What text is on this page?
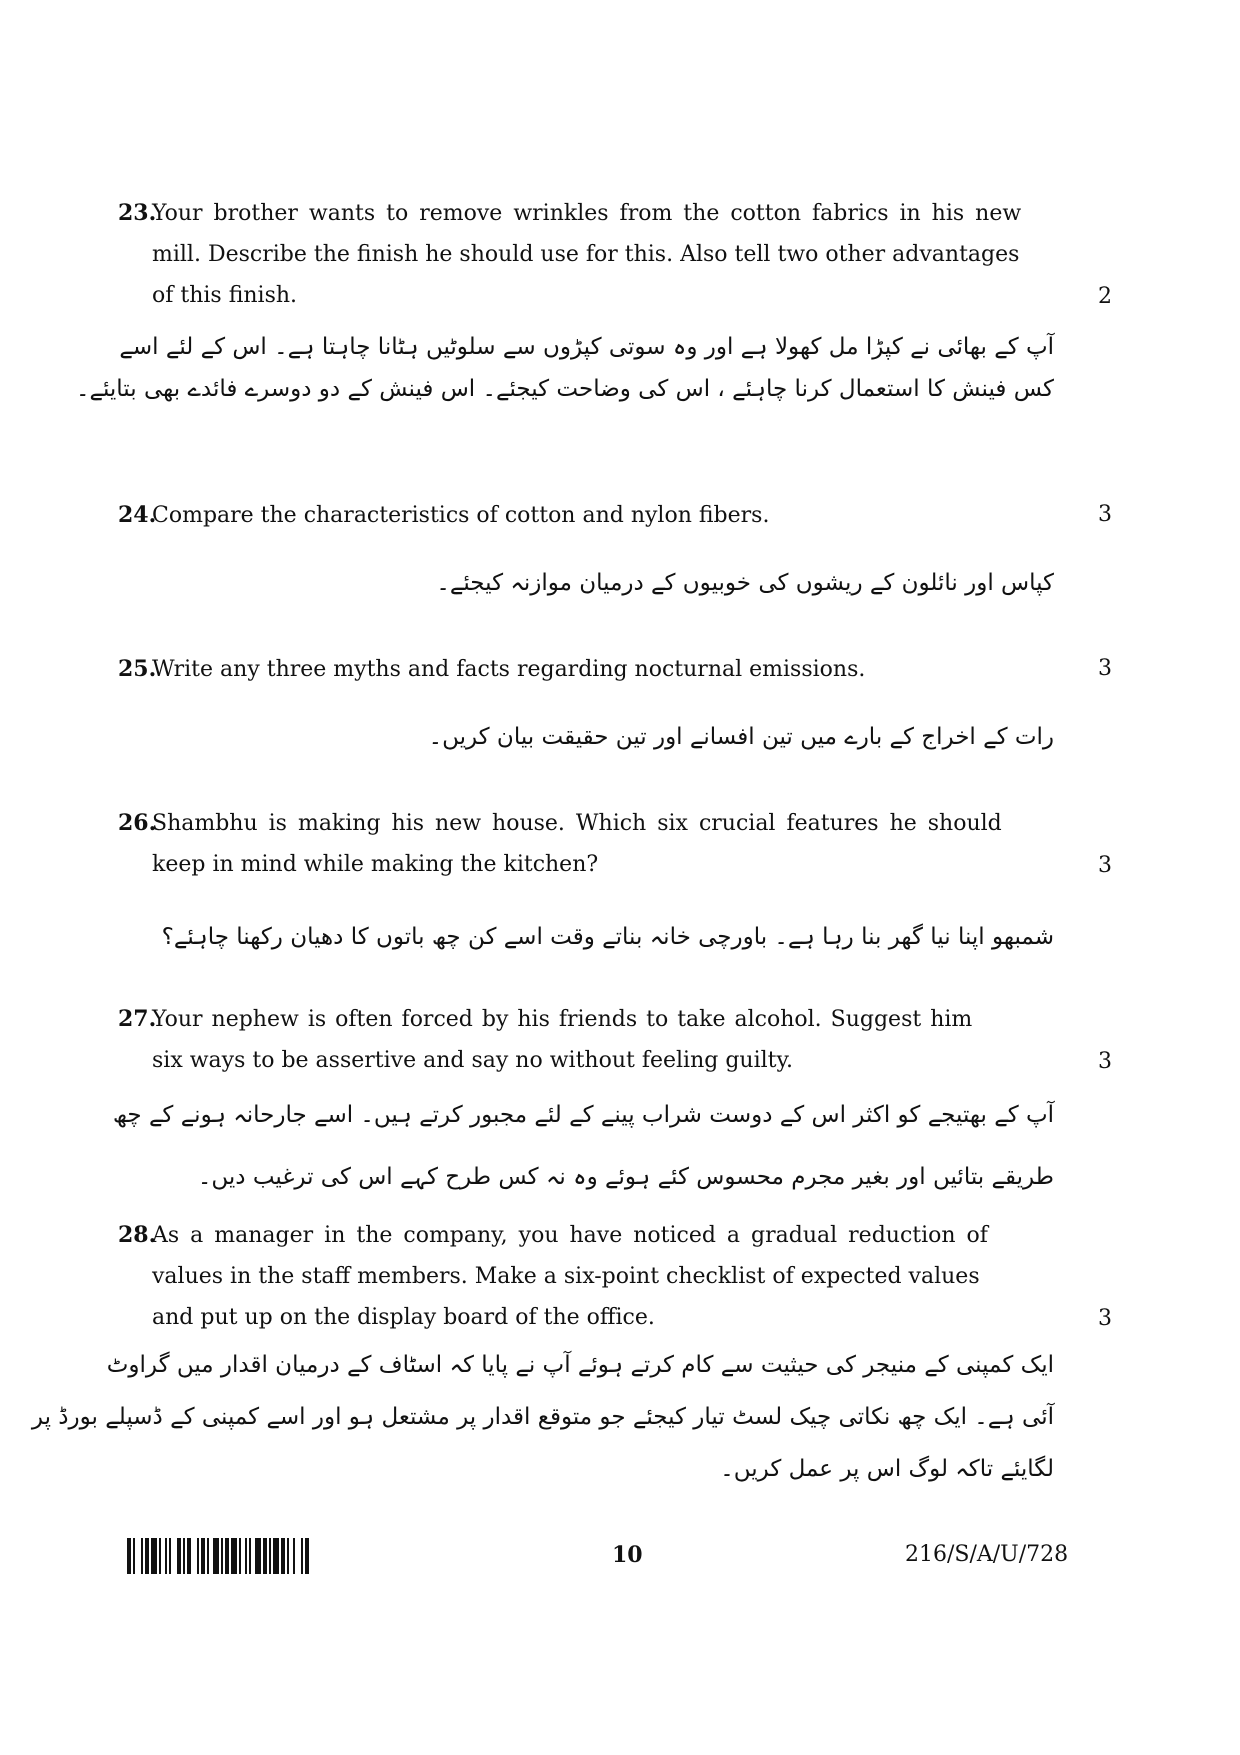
23.
Your brother wants to remove wrinkles from the cotton fabrics in his new
mill. Describe the finish he should use for this. Also tell two other advantages
of this finish.	2
آپ کے بھائی نے کپڑا مل کھولا ہے اور وہ سوتی کپڑوں سے سلوٹیں ہٹانا چاہتا ہے۔ اس کے لئے اسے
کس فینش کا استعمال کرنا چاہئے ، اس کی وضاحت کیجئے۔ اس فینش کے دو دوسرے فائدے بھی بتایئے۔
24.
Compare the characteristics of cotton and nylon fibers.	3
کپاس اور نائلون کے ریشوں کی خوبیوں کے درمیان موازنہ کیجئے۔
25.
Write any three myths and facts regarding nocturnal emissions.	3
رات کے اخراج کے بارے میں تین افسانے اور تین حقیقت بیان کریں۔
26.
Shambhu is making his new house. Which six crucial features he should
keep in mind while making the kitchen?	3
شمبھو اپنا نیا گھر بنا رہا ہے۔ باورچی خانہ بناتے وقت اسے کن چھ باتوں کا دھیان رکھنا چاہئے؟
27.
Your nephew is often forced by his friends to take alcohol. Suggest him
six ways to be assertive and say no without feeling guilty.	3
آپ کے بھتیجے کو اکثر اس کے دوست شراب پینے کے لئے مجبور کرتے ہیں۔ اسے جارحانہ ہونے کے چھ
طریقے بتائیں اور بغیر مجرم محسوس کئے ہوئے وہ نہ کس طرح کہے اس کی ترغیب دیں۔
28.
As a manager in the company, you have noticed a gradual reduction of
values in the staff members. Make a six-point checklist of expected values
and put up on the display board of the office.	3
ایک کمپنی کے منیجر کی حیثیت سے کام کرتے ہوئے آپ نے پایا کہ اسٹاف کے درمیان اقدار میں گراوٹ
آئی ہے۔ ایک چھ نکاتی چیک لسٹ تیار کیجئے جو متوقع اقدار پر مشتعل ہو اور اسے کمپنی کے ڈسپلے بورڈ پر
لگایئے تاکہ لوگ اس پر عمل کریں۔
10	216/S/A/U/728
